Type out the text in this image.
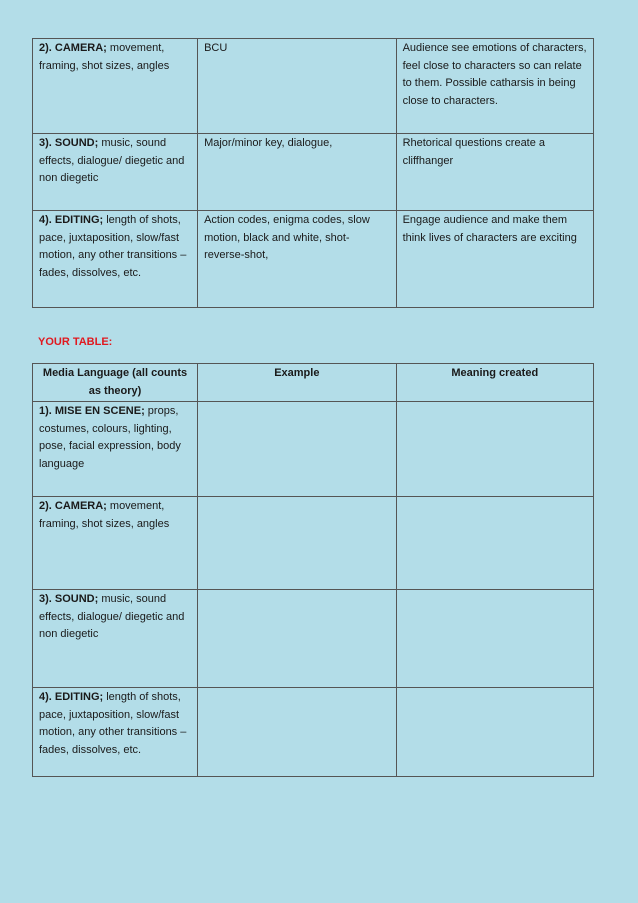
2). CAMERA; movement, framing, shot sizes, angles	BCU	Audience see emotions of characters, feel close to characters so can relate to them. Possible catharsis in being close to characters.
3). SOUND; music, sound effects, dialogue/ diegetic and non diegetic	Major/minor key, dialogue,	Rhetorical questions create a cliffhanger
4). EDITING; length of shots, pace, juxtaposition, slow/fast motion, any other transitions – fades, dissolves, etc.	Action codes, enigma codes, slow motion, black and white, shot-reverse-shot,	Engage audience and make them think lives of characters are exciting
YOUR TABLE:
Media Language (all counts as theory)	Example	Meaning created
1). MISE EN SCENE; props, costumes, colours, lighting, pose, facial expression, body language		
2). CAMERA; movement, framing, shot sizes, angles		
3). SOUND; music, sound effects, dialogue/ diegetic and non diegetic		
4). EDITING; length of shots, pace, juxtaposition, slow/fast motion, any other transitions – fades, dissolves, etc.		
